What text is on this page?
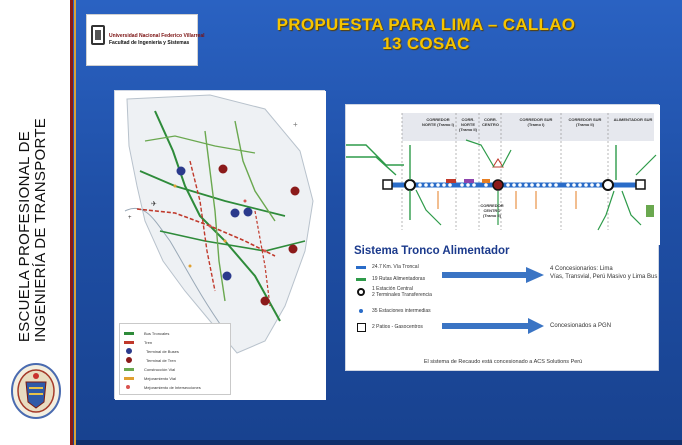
ESCUELA PROFESIONAL DE INGENIERÍA DE TRANSPORTE	.
Universidad Nacional Federico Villarreal
Facultad de Ingeniería y Sistemas
PROPUESTA PARA LIMA – CALLAO
13 COSAC
✈
+
+
Bus Troncales
Tren
Terminal de Buses
Terminal de Tren
Construcción Vial
Mejoramiento Vial
Mejoramiento de Intersecciones
CORREDOR NORTE (Tramo I)
CORR. NORTE (Tramo II)
CORR. CENTRO
CORREDOR SUR (Tramo I)
CORREDOR SUR (Tramo II)
ALIMENTADOR SUR
CORREDOR CENTRO (Tramo II)
Sistema Tronco Alimentador
24.7 Km. Vía Troncal
19 Rutas Alimentadoras
1 Estación Central
2 Terminales Transferencia
35 Estaciones intermedias
2 Patios - Gasocentros
4 Concesionarios: Lima
Vías, Transvial, Perú Masivo y Lima Bus
Concesionados a PGN
El sistema de Recaudo está concesionado a ACS Solutions Perú
